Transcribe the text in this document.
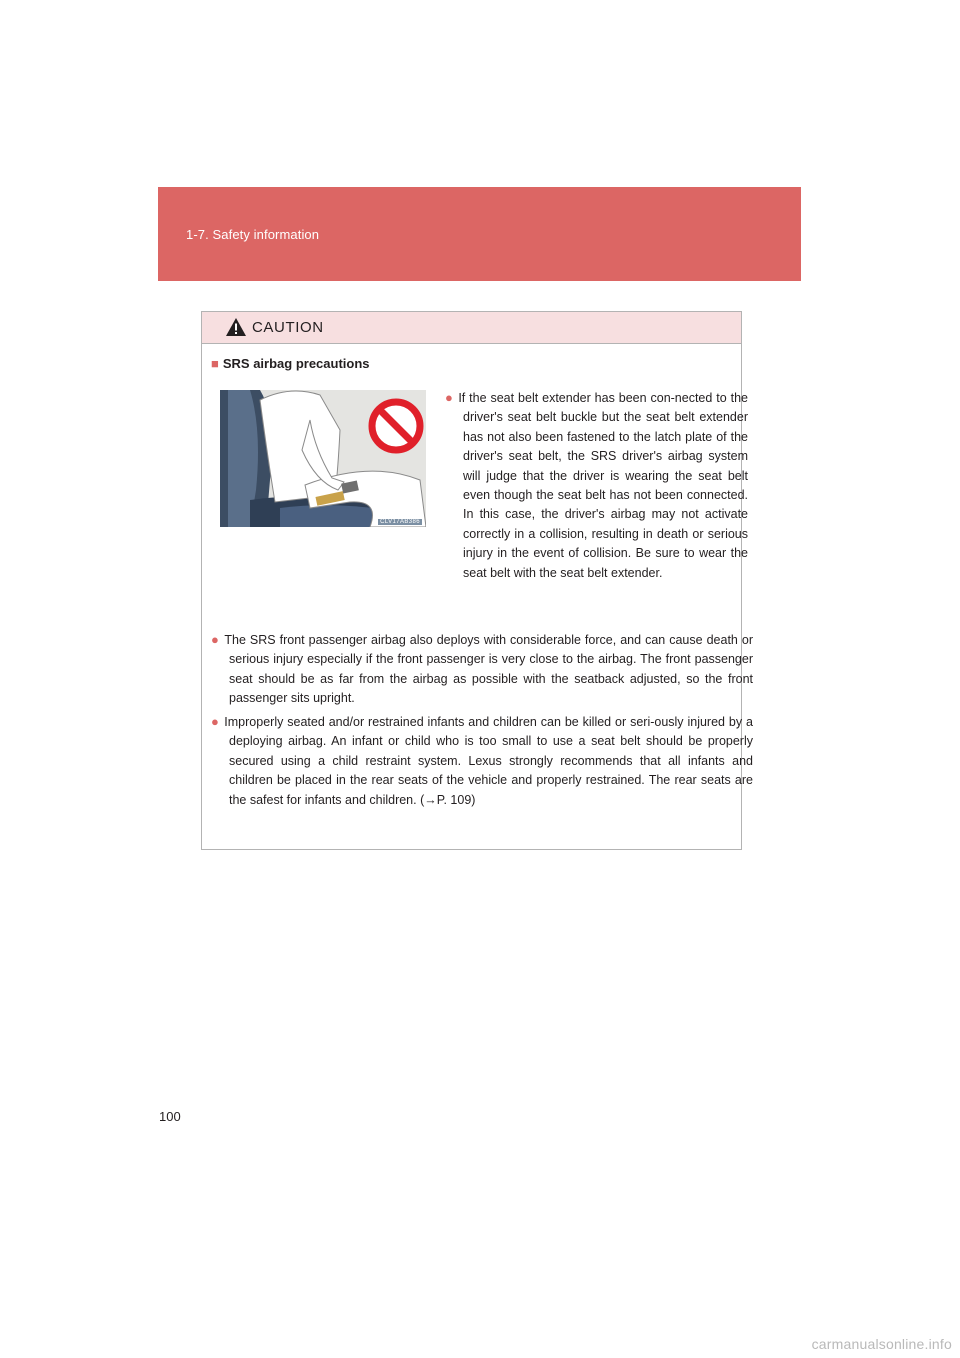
1-7. Safety information
CAUTION
■ SRS airbag precautions
CLV17AB386

● If the seat belt extender has been con-nected to the driver's seat belt buckle but the seat belt extender has not also been fastened to the latch plate of the driver's seat belt, the SRS driver's airbag system will judge that the driver is wearing the seat belt even though the seat belt has not been connected. In this case, the driver's airbag may not activate correctly in a collision, resulting in death or serious injury in the event of collision. Be sure to wear the seat belt with the seat belt extender.

● The SRS front passenger airbag also deploys with considerable force, and can cause death or serious injury especially if the front passenger is very close to the airbag. The front passenger seat should be as far from the airbag as possible with the seatback adjusted, so the front passenger sits upright.

● Improperly seated and/or restrained infants and children can be killed or seri-ously injured by a deploying airbag. An infant or child who is too small to use a seat belt should be properly secured using a child restraint system. Lexus strongly recommends that all infants and children be placed in the rear seats of the vehicle and properly restrained. The rear seats are the safest for infants and children. (→P. 109)

100
carmanualsonline.info
